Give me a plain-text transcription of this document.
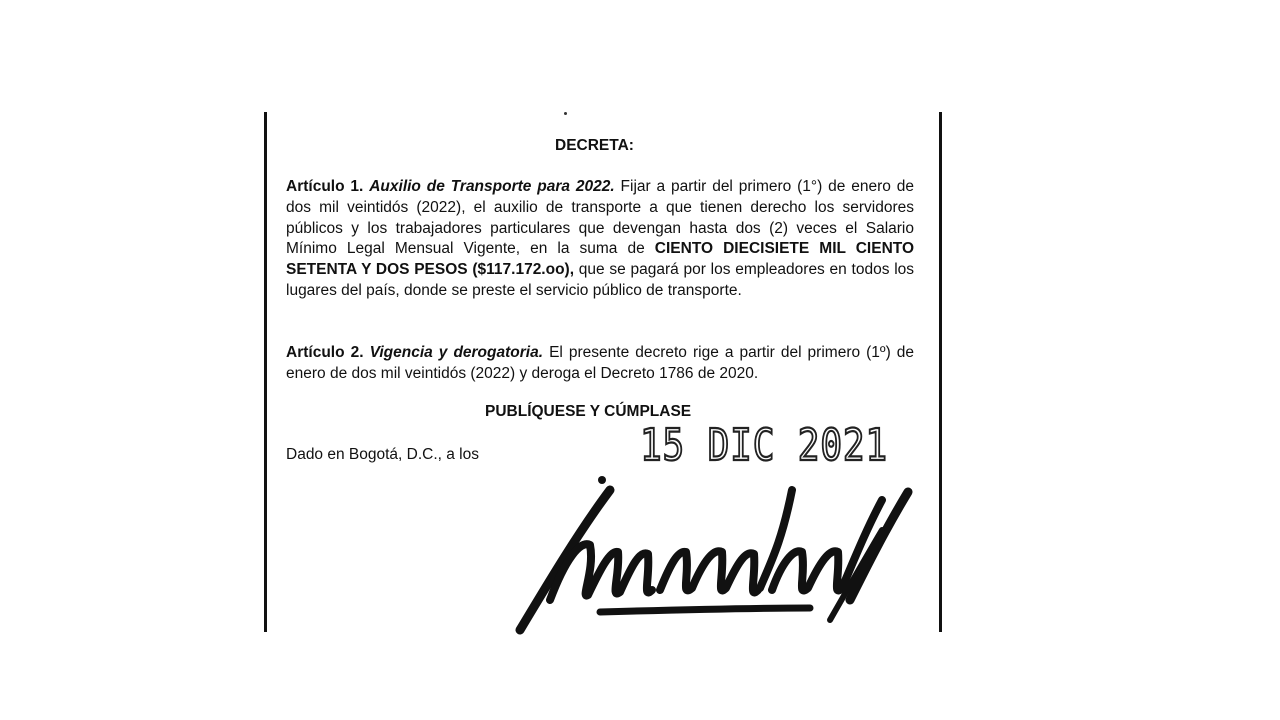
DECRETA:
Artículo 1. Auxilio de Transporte para 2022. Fijar a partir del primero (1°) de enero de dos mil veintidós (2022), el auxilio de transporte a que tienen derecho los servidores públicos y los trabajadores particulares que devengan hasta dos (2) veces el Salario Mínimo Legal Mensual Vigente, en la suma de CIENTO DIECISIETE MIL CIENTO SETENTA Y DOS PESOS ($117.172.oo), que se pagará por los empleadores en todos los lugares del país, donde se preste el servicio público de transporte.
Artículo 2. Vigencia y derogatoria. El presente decreto rige a partir del primero (1º) de enero de dos mil veintidós (2022) y deroga el Decreto 1786 de 2020.
PUBLÍQUESE Y CÚMPLASE
Dado en Bogotá, D.C., a los	15 DIC 2021
